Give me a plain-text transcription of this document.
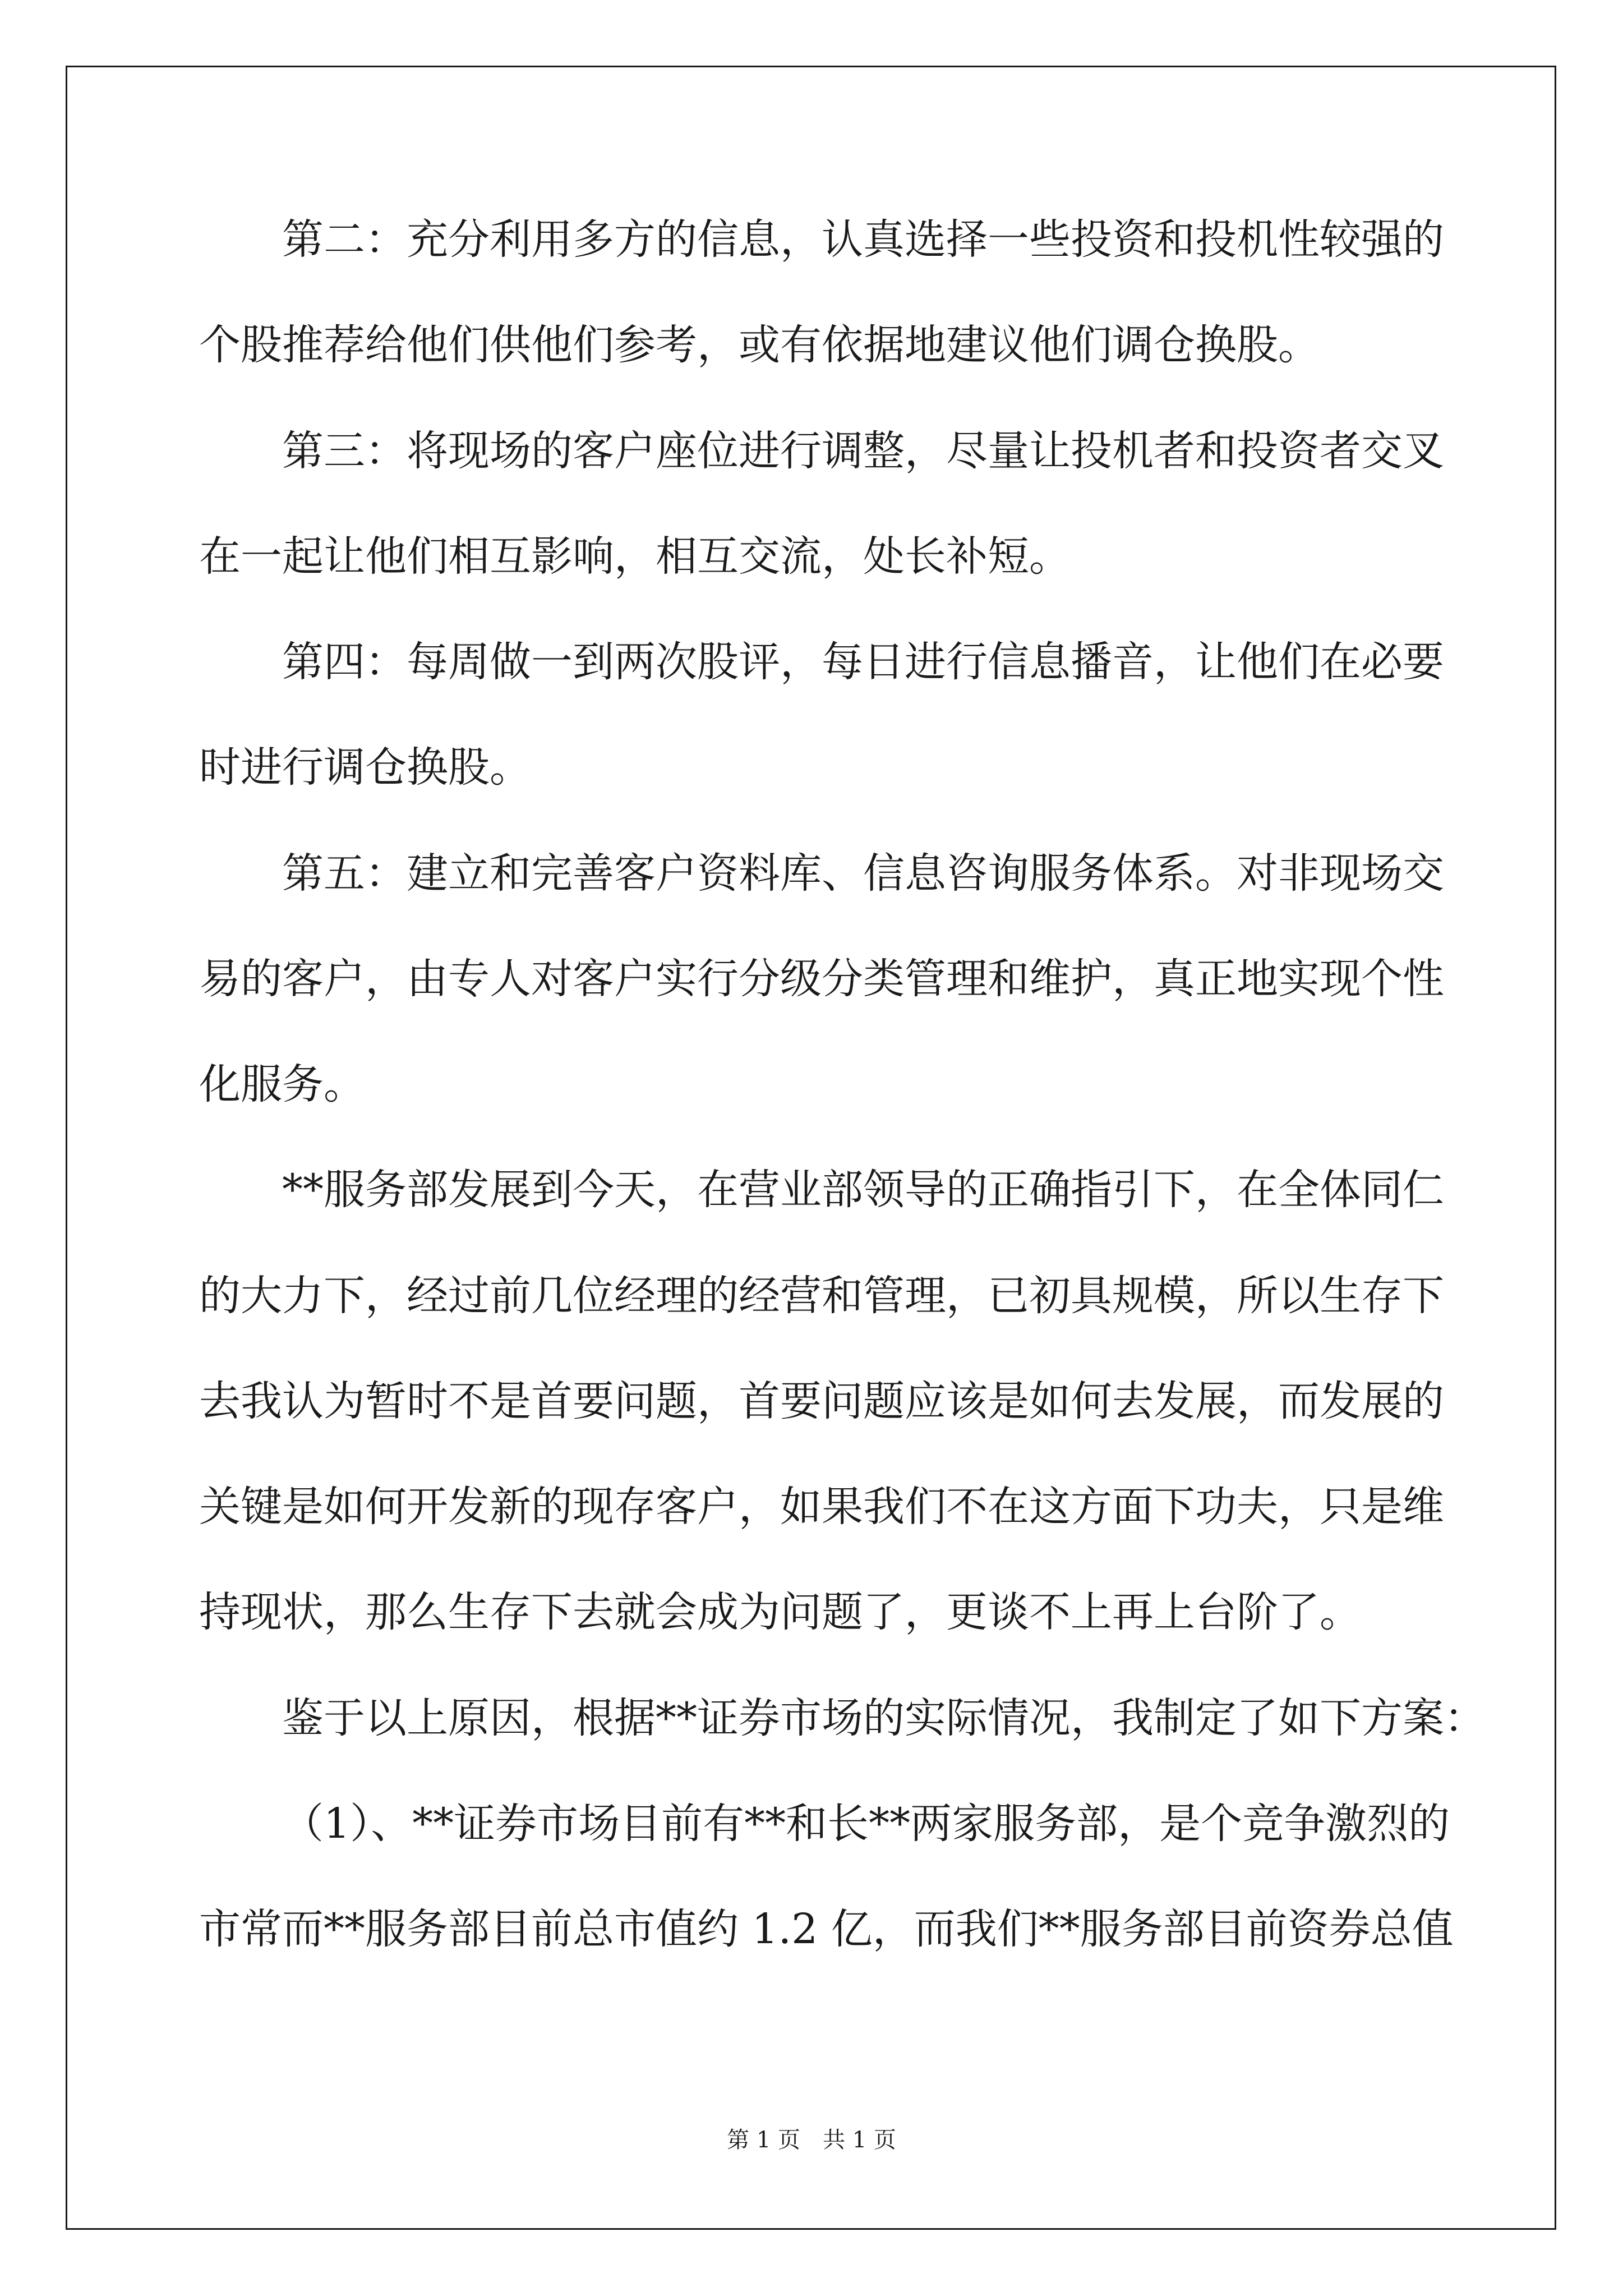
第二：充分利用多方的信息，认真选择一些投资和投机性较强的
个股推荐给他们供他们参考，或有依据地建议他们调仓换股。
第三：将现场的客户座位进行调整，尽量让投机者和投资者交叉
在一起让他们相互影响，相互交流，处长补短。
第四：每周做一到两次股评，每日进行信息播音，让他们在必要
时进行调仓换股。
第五：建立和完善客户资料库、信息咨询服务体系。对非现场交
易的客户，由专人对客户实行分级分类管理和维护，真正地实现个性
化服务。
**服务部发展到今天，在营业部领导的正确指引下，在全体同仁
的大力下，经过前几位经理的经营和管理，已初具规模，所以生存下
去我认为暂时不是首要问题，首要问题应该是如何去发展，而发展的
关键是如何开发新的现存客户，如果我们不在这方面下功夫，只是维
持现状，那么生存下去就会成为问题了，更谈不上再上台阶了。
鉴于以上原因，根据**证券市场的实际情况，我制定了如下方案：
（1）、**证券市场目前有**和长**两家服务部，是个竞争激烈的
市常而**服务部目前总市值约 1.2 亿，而我们**服务部目前资券总值
第 1 页　共 1 页
